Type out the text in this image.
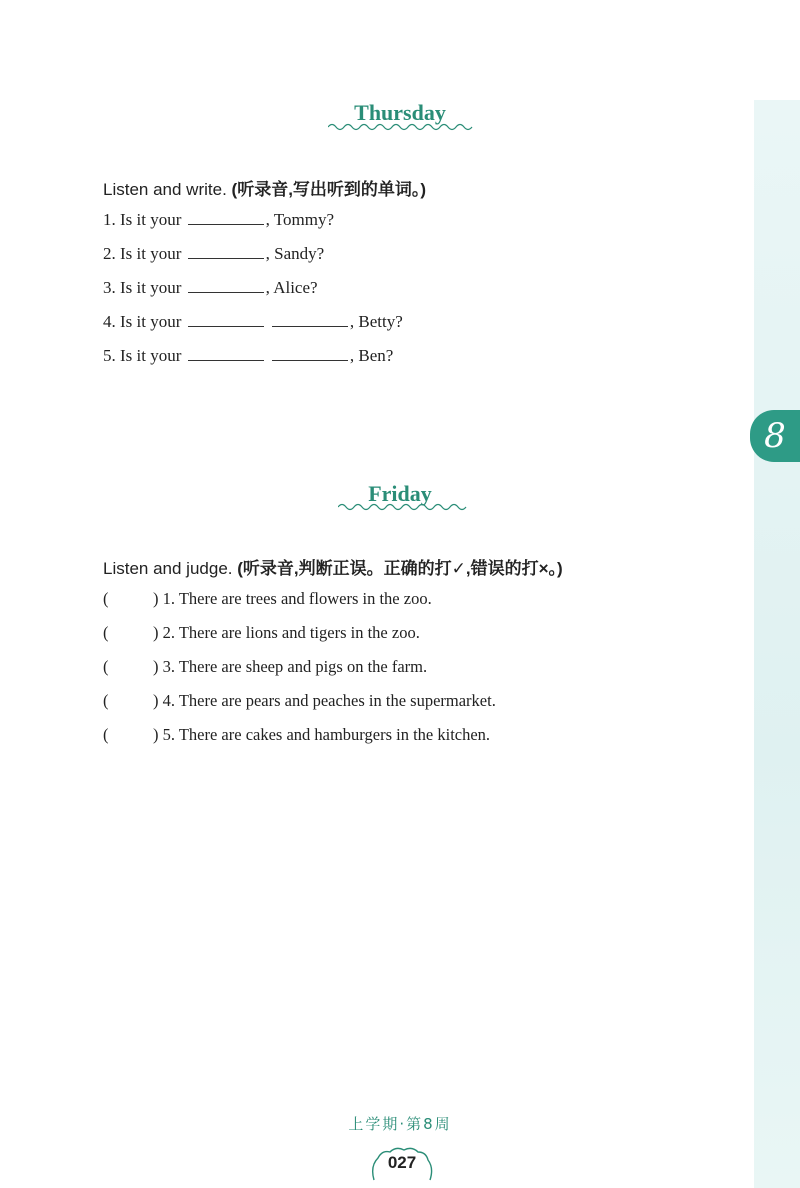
8
Thursday
Listen and write. (听录音,写出听到的单词。)
1. Is it your	, Tommy?
2. Is it your	, Sandy?
3. Is it your	, Alice?
4. Is it your	, Betty?
5. Is it your	, Ben?
Friday
Listen and judge. (听录音,判断正误。正确的打✓,错误的打×。)
(	) 1. There are trees and flowers in the zoo.
(	) 2. There are lions and tigers in the zoo.
(	) 3. There are sheep and pigs on the farm.
(	) 4. There are pears and peaches in the supermarket.
(	) 5. There are cakes and hamburgers in the kitchen.
上学期·第8周
027
